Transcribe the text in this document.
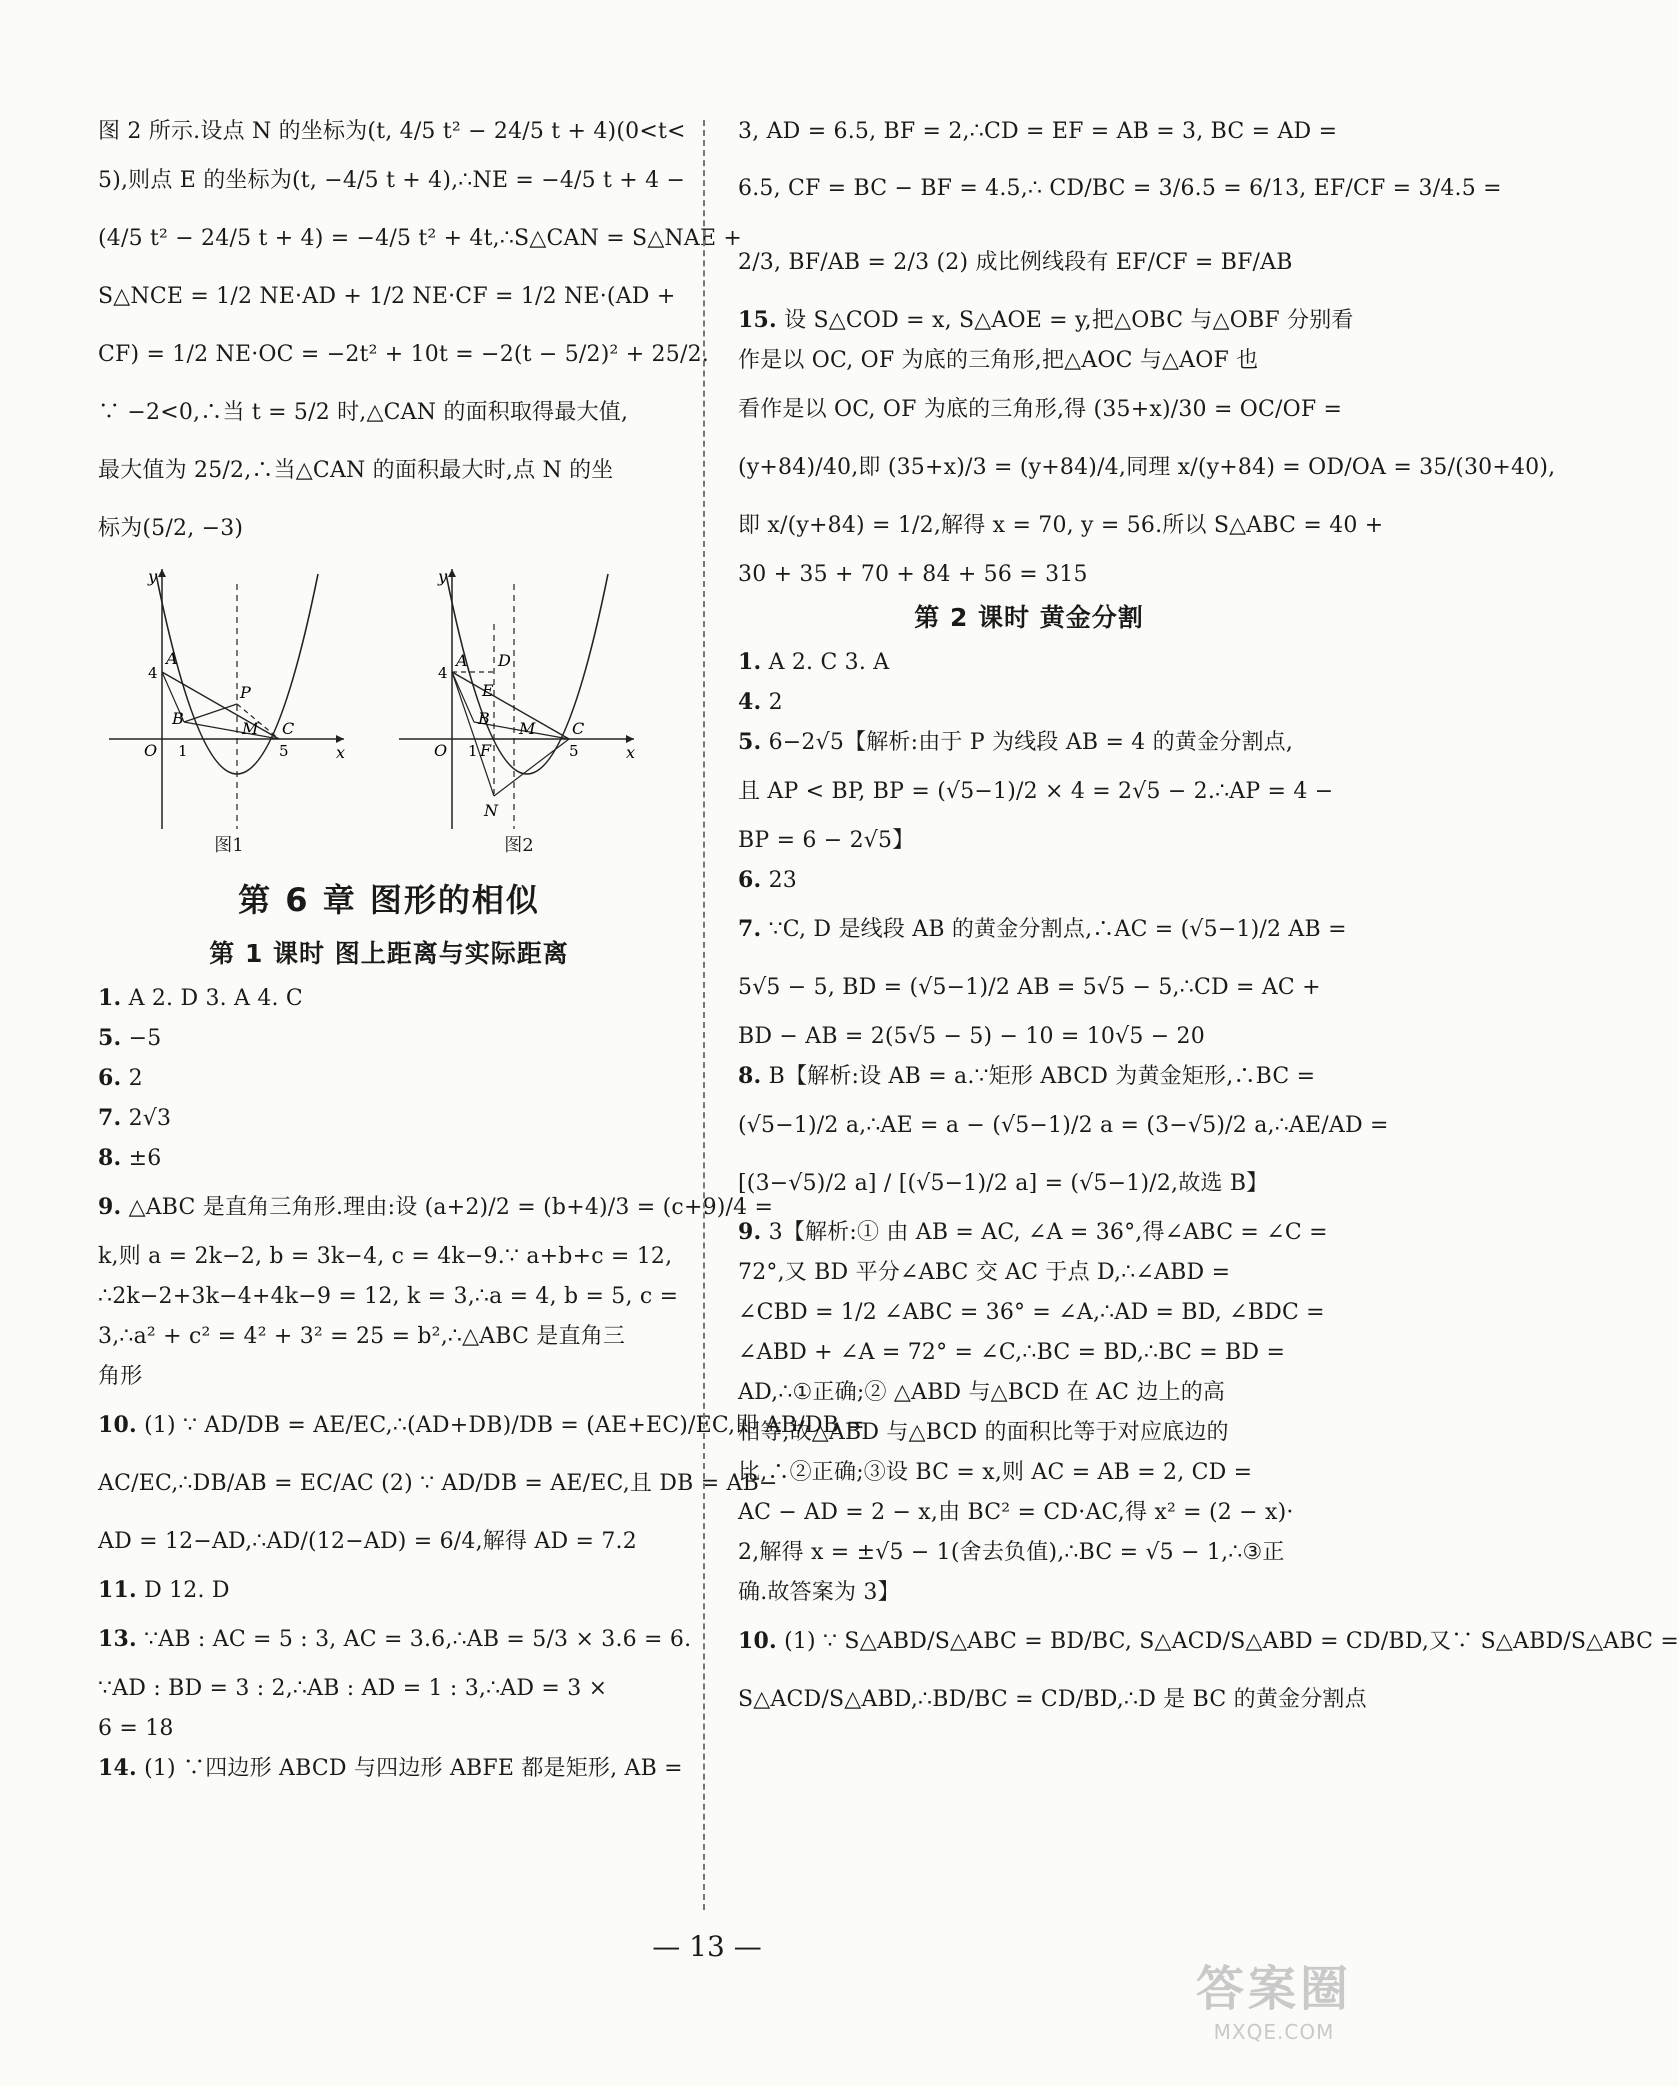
图 2 所示.设点 N 的坐标为(t, 4/5 t² − 24/5 t + 4)(0<t<
5),则点 E 的坐标为(t, −4/5 t + 4),∴NE = −4/5 t + 4 −
(4/5 t² − 24/5 t + 4) = −4/5 t² + 4t,∴S△CAN = S△NAE +
S△NCE = 1/2 NE·AD + 1/2 NE·CF = 1/2 NE·(AD +
CF) = 1/2 NE·OC = −2t² + 10t = −2(t − 5/2)² + 25/2.
∵ −2<0,∴当 t = 5/2 时,△CAN 的面积取得最大值,
最大值为 25/2,∴当△CAN 的面积最大时,点 N 的坐
标为(5/2, −3)
y
x
O 1
4
5
A
B
C
P
M
图1
y
x
O 1
4
5
A D
E
B
F
M C
N
图2
第 6 章 图形的相似
第 1 课时 图上距离与实际距离
1. A 2. D 3. A 4. C
5. −5
6. 2
7. 2√3
8. ±6
9. △ABC 是直角三角形.理由:设 (a+2)/2 = (b+4)/3 = (c+9)/4 =
k,则 a = 2k−2, b = 3k−4, c = 4k−9.∵ a+b+c = 12,
∴2k−2+3k−4+4k−9 = 12, k = 3,∴a = 4, b = 5, c =
3,∴a² + c² = 4² + 3² = 25 = b²,∴△ABC 是直角三
角形
10. (1) ∵ AD/DB = AE/EC,∴(AD+DB)/DB = (AE+EC)/EC,即 AB/DB =
AC/EC,∴DB/AB = EC/AC (2) ∵ AD/DB = AE/EC,且 DB = AB−
AD = 12−AD,∴AD/(12−AD) = 6/4,解得 AD = 7.2
11. D 12. D
13. ∵AB : AC = 5 : 3, AC = 3.6,∴AB = 5/3 × 3.6 = 6.
∵AD : BD = 3 : 2,∴AB : AD = 1 : 3,∴AD = 3 ×
6 = 18
14. (1) ∵四边形 ABCD 与四边形 ABFE 都是矩形, AB =
3, AD = 6.5, BF = 2,∴CD = EF = AB = 3, BC = AD =
6.5, CF = BC − BF = 4.5,∴ CD/BC = 3/6.5 = 6/13, EF/CF = 3/4.5 =
2/3, BF/AB = 2/3 (2) 成比例线段有 EF/CF = BF/AB
15. 设 S△COD = x, S△AOE = y,把△OBC 与△OBF 分别看
作是以 OC, OF 为底的三角形,把△AOC 与△AOF 也
看作是以 OC, OF 为底的三角形,得 (35+x)/30 = OC/OF =
(y+84)/40,即 (35+x)/3 = (y+84)/4,同理 x/(y+84) = OD/OA = 35/(30+40),
即 x/(y+84) = 1/2,解得 x = 70, y = 56.所以 S△ABC = 40 +
30 + 35 + 70 + 84 + 56 = 315
第 2 课时 黄金分割
1. A 2. C 3. A
4. 2
5. 6−2√5【解析:由于 P 为线段 AB = 4 的黄金分割点,
且 AP < BP, BP = (√5−1)/2 × 4 = 2√5 − 2.∴AP = 4 −
BP = 6 − 2√5】
6. 23
7. ∵C, D 是线段 AB 的黄金分割点,∴AC = (√5−1)/2 AB =
5√5 − 5, BD = (√5−1)/2 AB = 5√5 − 5,∴CD = AC +
BD − AB = 2(5√5 − 5) − 10 = 10√5 − 20
8. B【解析:设 AB = a.∵矩形 ABCD 为黄金矩形,∴BC =
(√5−1)/2 a,∴AE = a − (√5−1)/2 a = (3−√5)/2 a,∴AE/AD =
[(3−√5)/2 a] / [(√5−1)/2 a] = (√5−1)/2,故选 B】
9. 3【解析:① 由 AB = AC, ∠A = 36°,得∠ABC = ∠C =
72°,又 BD 平分∠ABC 交 AC 于点 D,∴∠ABD =
∠CBD = 1/2 ∠ABC = 36° = ∠A,∴AD = BD, ∠BDC =
∠ABD + ∠A = 72° = ∠C,∴BC = BD,∴BC = BD =
AD,∴①正确;② △ABD 与△BCD 在 AC 边上的高
相等,故△ABD 与△BCD 的面积比等于对应底边的
比,∴②正确;③设 BC = x,则 AC = AB = 2, CD =
AC − AD = 2 − x,由 BC² = CD·AC,得 x² = (2 − x)·
2,解得 x = ±√5 − 1(舍去负值),∴BC = √5 − 1,∴③正
确.故答案为 3】
10. (1) ∵ S△ABD/S△ABC = BD/BC, S△ACD/S△ABD = CD/BD,又∵ S△ABD/S△ABC =
S△ACD/S△ABD,∴BD/BC = CD/BD,∴D 是 BC 的黄金分割点
— 13 —
答案圈
MXQE.COM
